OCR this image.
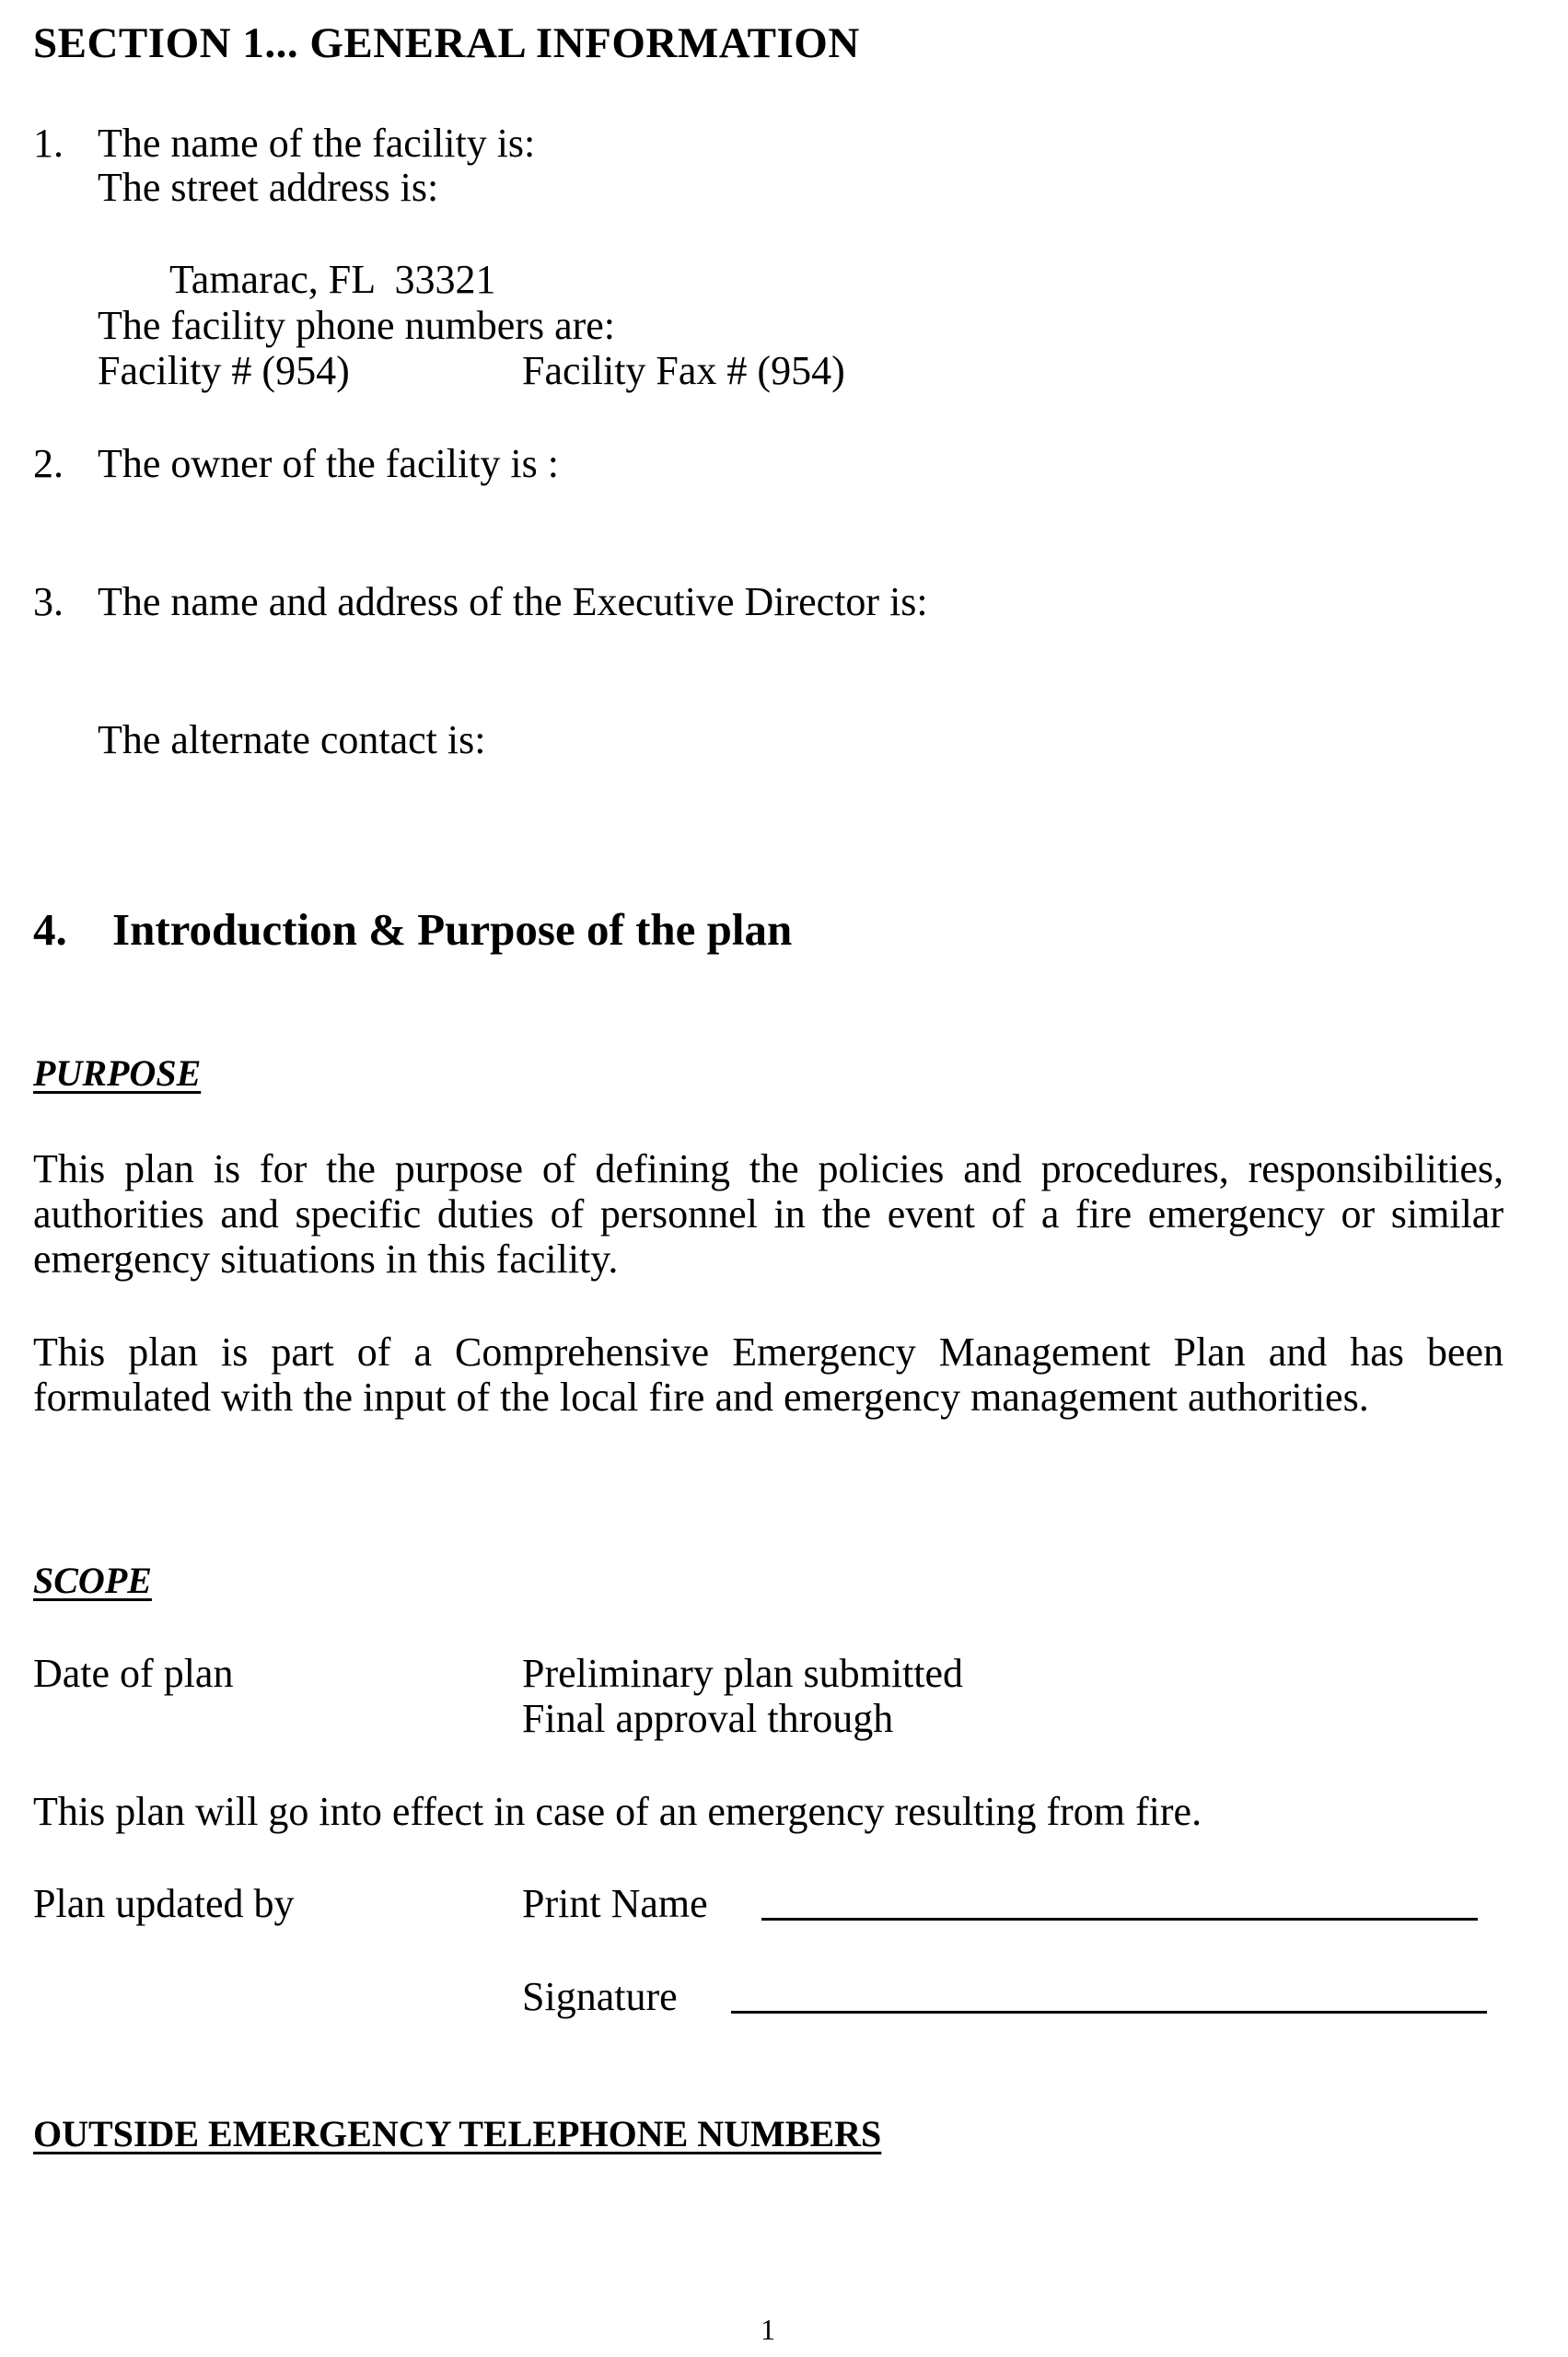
SECTION 1... GENERAL INFORMATION
1. The name of the facility is:
The street address is:
Tamarac, FL  33321
The facility phone numbers are:
Facility # (954)	Facility Fax # (954)
2. The owner of the facility is :
3. The name and address of the Executive Director is:
The alternate contact is:
4. Introduction & Purpose of the plan
PURPOSE
This plan is for the purpose of defining the policies and procedures, responsibilities, authorities and specific duties of personnel in the event of a fire emergency or similar emergency situations in this facility.
This plan is part of a Comprehensive Emergency Management Plan and has been formulated with the input of the local fire and emergency management authorities.
SCOPE
Date of plan	Preliminary plan submitted
Final approval through
This plan will go into effect in case of an emergency resulting from fire.
Plan updated by	Print Name
Signature
OUTSIDE EMERGENCY TELEPHONE NUMBERS
1
